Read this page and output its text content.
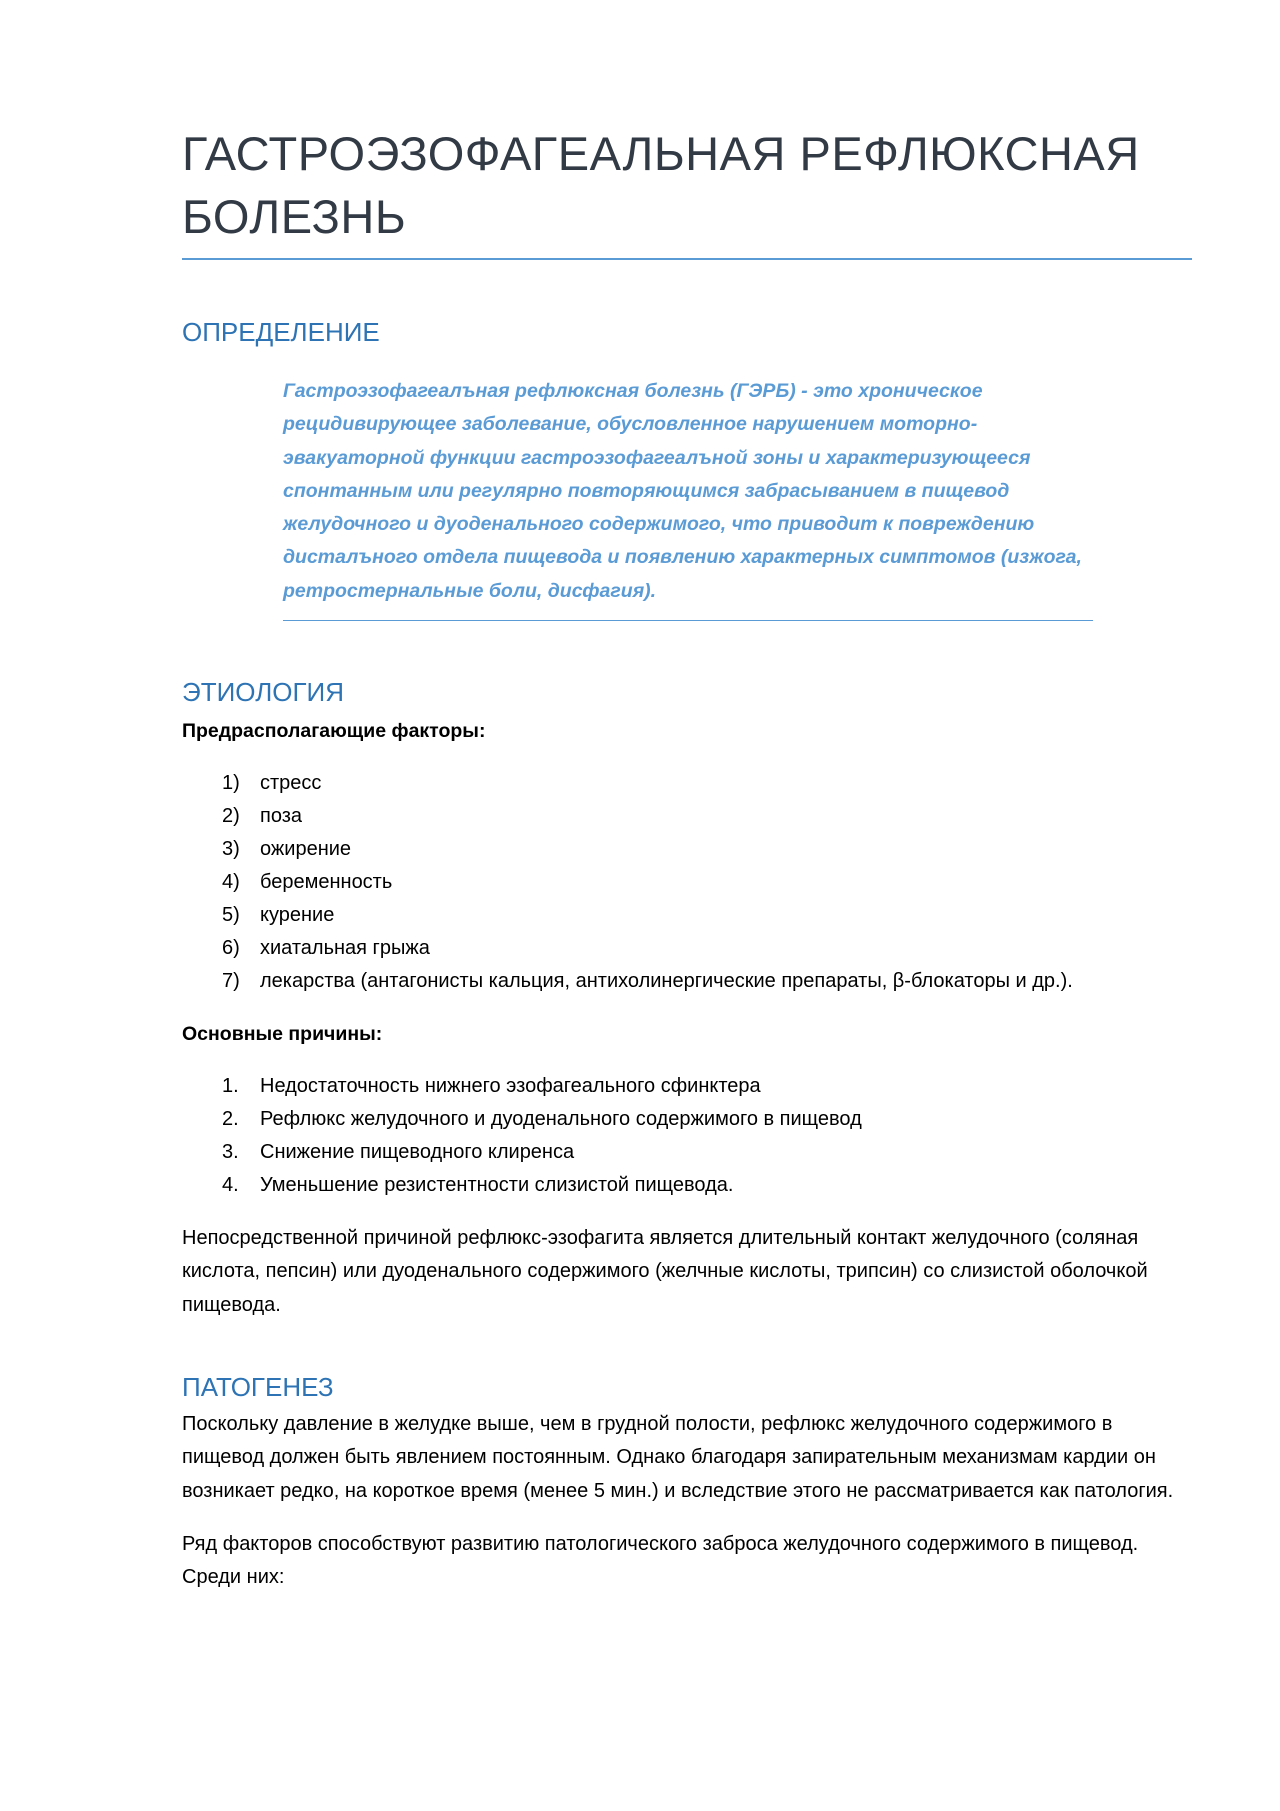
ГАСТРОЭЗОФАГЕАЛЬНАЯ РЕФЛЮКСНАЯ БОЛЕЗНЬ
ОПРЕДЕЛЕНИЕ

Гастроэзофагеалъная рефлюксная болезнь (ГЭРБ) - это хроническое рецидивирующее заболевание, обусловленное нарушением моторно-эвакуаторной функции гастроэзофагеалъной зоны и характеризующееся спонтанным или регулярно повторяющимся забрасыванием в пищевод желудочного и дуоденального содержимого, что приводит к повреждению дисталъного отдела пищевода и появлению характерных симптомов (изжога, ретростернальные боли, дисфагия).

ЭТИОЛОГИЯ

Предрасполагающие факторы:

1) стресс
2) поза
3) ожирение
4) беременность
5) курение
6) хиатальная грыжа
7) лекарства (антагонисты кальция, антихолинергические препараты, β-блокаторы и др.).

Основные причины:

1. Недостаточность нижнего эзофагеального сфинктера
2. Рефлюкс желудочного и дуоденального содержимого в пищевод
3. Снижение пищеводного клиренса
4. Уменьшение резистентности слизистой пищевода.

Непосредственной причиной рефлюкс-эзофагита является длительный контакт желудочного (соляная кислота, пепсин) или дуоденального содержимого (желчные кислоты, трипсин) со слизистой оболочкой пищевода.

ПАТОГЕНЕЗ

Поскольку давление в желудке выше, чем в грудной полости, рефлюкс желудочного содержимого в пищевод должен быть явлением постоянным. Однако благодаря запирательным механизмам кардии он возникает редко, на короткое время (менее 5 мин.) и вследствие этого не рассматривается как патология.

Ряд факторов способствуют развитию патологического заброса желудочного содержимого в пищевод. Среди них:
